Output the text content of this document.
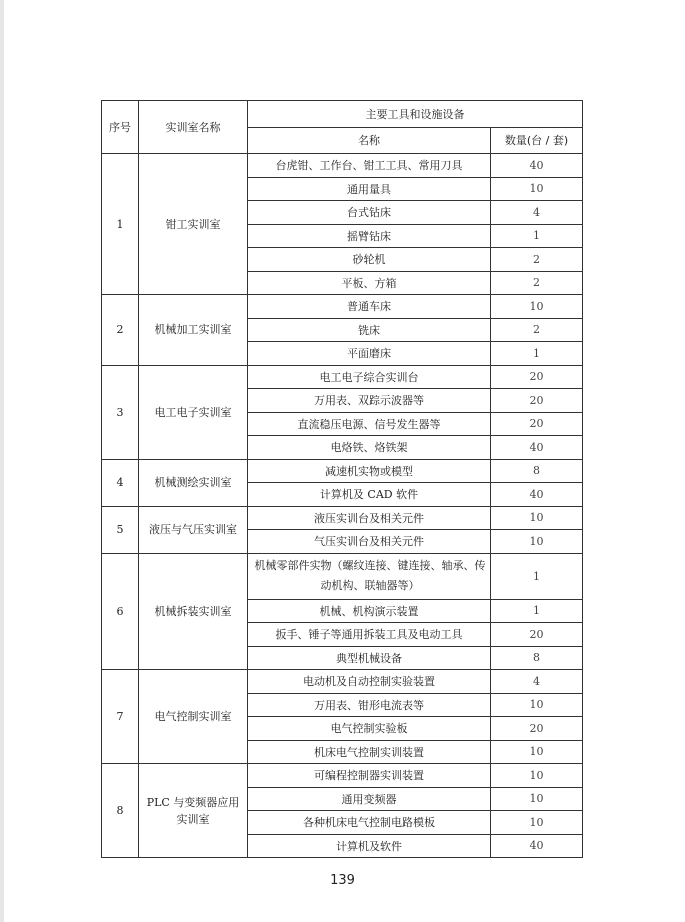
序号	实训室名称	主要工具和设施设备	
		名称	数量(台 / 套)
1	钳工实训室	台虎钳、工作台、钳工工具、常用刀具	40
		通用量具	10
		台式钻床	4
		摇臂钻床	1
		砂轮机	2
		平板、方箱	2
2	机械加工实训室	普通车床	10
		铣床	2
		平面磨床	1
3	电工电子实训室	电工电子综合实训台	20
		万用表、双踪示波器等	20
		直流稳压电源、信号发生器等	20
		电烙铁、烙铁架	40
4	机械测绘实训室	减速机实物或模型	8
		计算机及 CAD 软件	40
5	液压与气压实训室	液压实训台及相关元件	10
		气压实训台及相关元件	10
6	机械拆装实训室	机械零部件实物（螺纹连接、键连接、轴承、传动机构、联轴器等）	1
		机械、机构演示装置	1
		扳手、锤子等通用拆装工具及电动工具	20
		典型机械设备	8
7	电气控制实训室	电动机及自动控制实验装置	4
		万用表、钳形电流表等	10
		电气控制实验板	20
		机床电气控制实训装置	10
8	PLC 与变频器应用实训室	可编程控制器实训装置	10
		通用变频器	10
		各种机床电气控制电路模板	10
		计算机及软件	40
139
